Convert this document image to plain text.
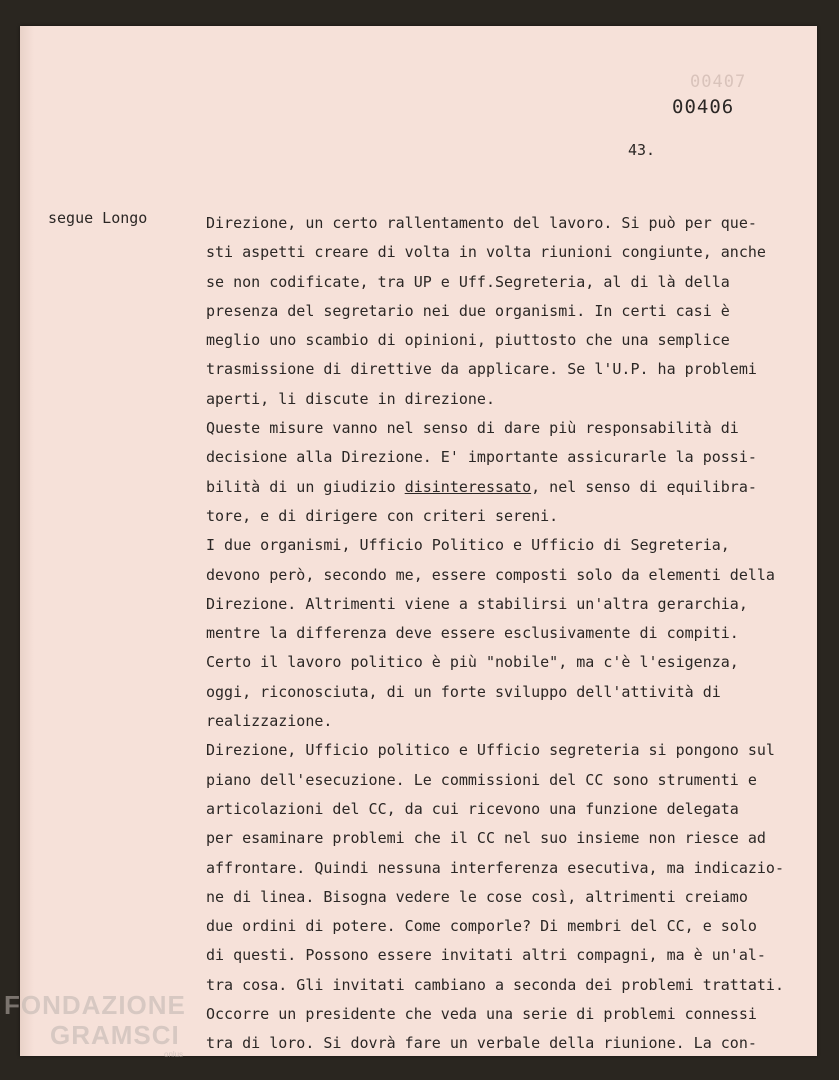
00407
00406
43.
segue Longo	Direzione, un certo rallentamento del lavoro. Si può per que-
sti aspetti creare di volta in volta riunioni congiunte, anche
se non codificate, tra UP e Uff.Segreteria, al di là della
presenza del segretario nei due organismi. In certi casi è
meglio uno scambio di opinioni, piuttosto che una semplice
trasmissione di direttive da applicare. Se l'U.P. ha problemi
aperti, li discute in direzione.
Queste misure vanno nel senso di dare più responsabilità di
decisione alla Direzione. E' importante assicurarle la possi-
bilità di un giudizio disinteressato, nel senso di equilibra-
tore, e di dirigere con criteri sereni.
I due organismi, Ufficio Politico e Ufficio di Segreteria,
devono però, secondo me, essere composti solo da elementi della
Direzione. Altrimenti viene a stabilirsi un'altra gerarchia,
mentre la differenza deve essere esclusivamente di compiti.
Certo il lavoro politico è più "nobile", ma c'è l'esigenza,
oggi, riconosciuta, di un forte sviluppo dell'attività di
realizzazione.
Direzione, Ufficio politico e Ufficio segreteria si pongono sul
piano dell'esecuzione. Le commissioni del CC sono strumenti e
articolazioni del CC, da cui ricevono una funzione delegata
per esaminare problemi che il CC nel suo insieme non riesce ad
affrontare. Quindi nessuna interferenza esecutiva, ma indicazio-
ne di linea. Bisogna vedere le cose così, altrimenti creiamo
due ordini di potere. Come comporle? Di membri del CC, e solo
di questi. Possono essere invitati altri compagni, ma è un'al-
tra cosa. Gli invitati cambiano a seconda dei problemi trattati.
Occorre un presidente che veda una serie di problemi connessi
tra di loro. Si dovrà fare un verbale della riunione. La con-
FONDAZIONE
GRAMSCI
onlus
